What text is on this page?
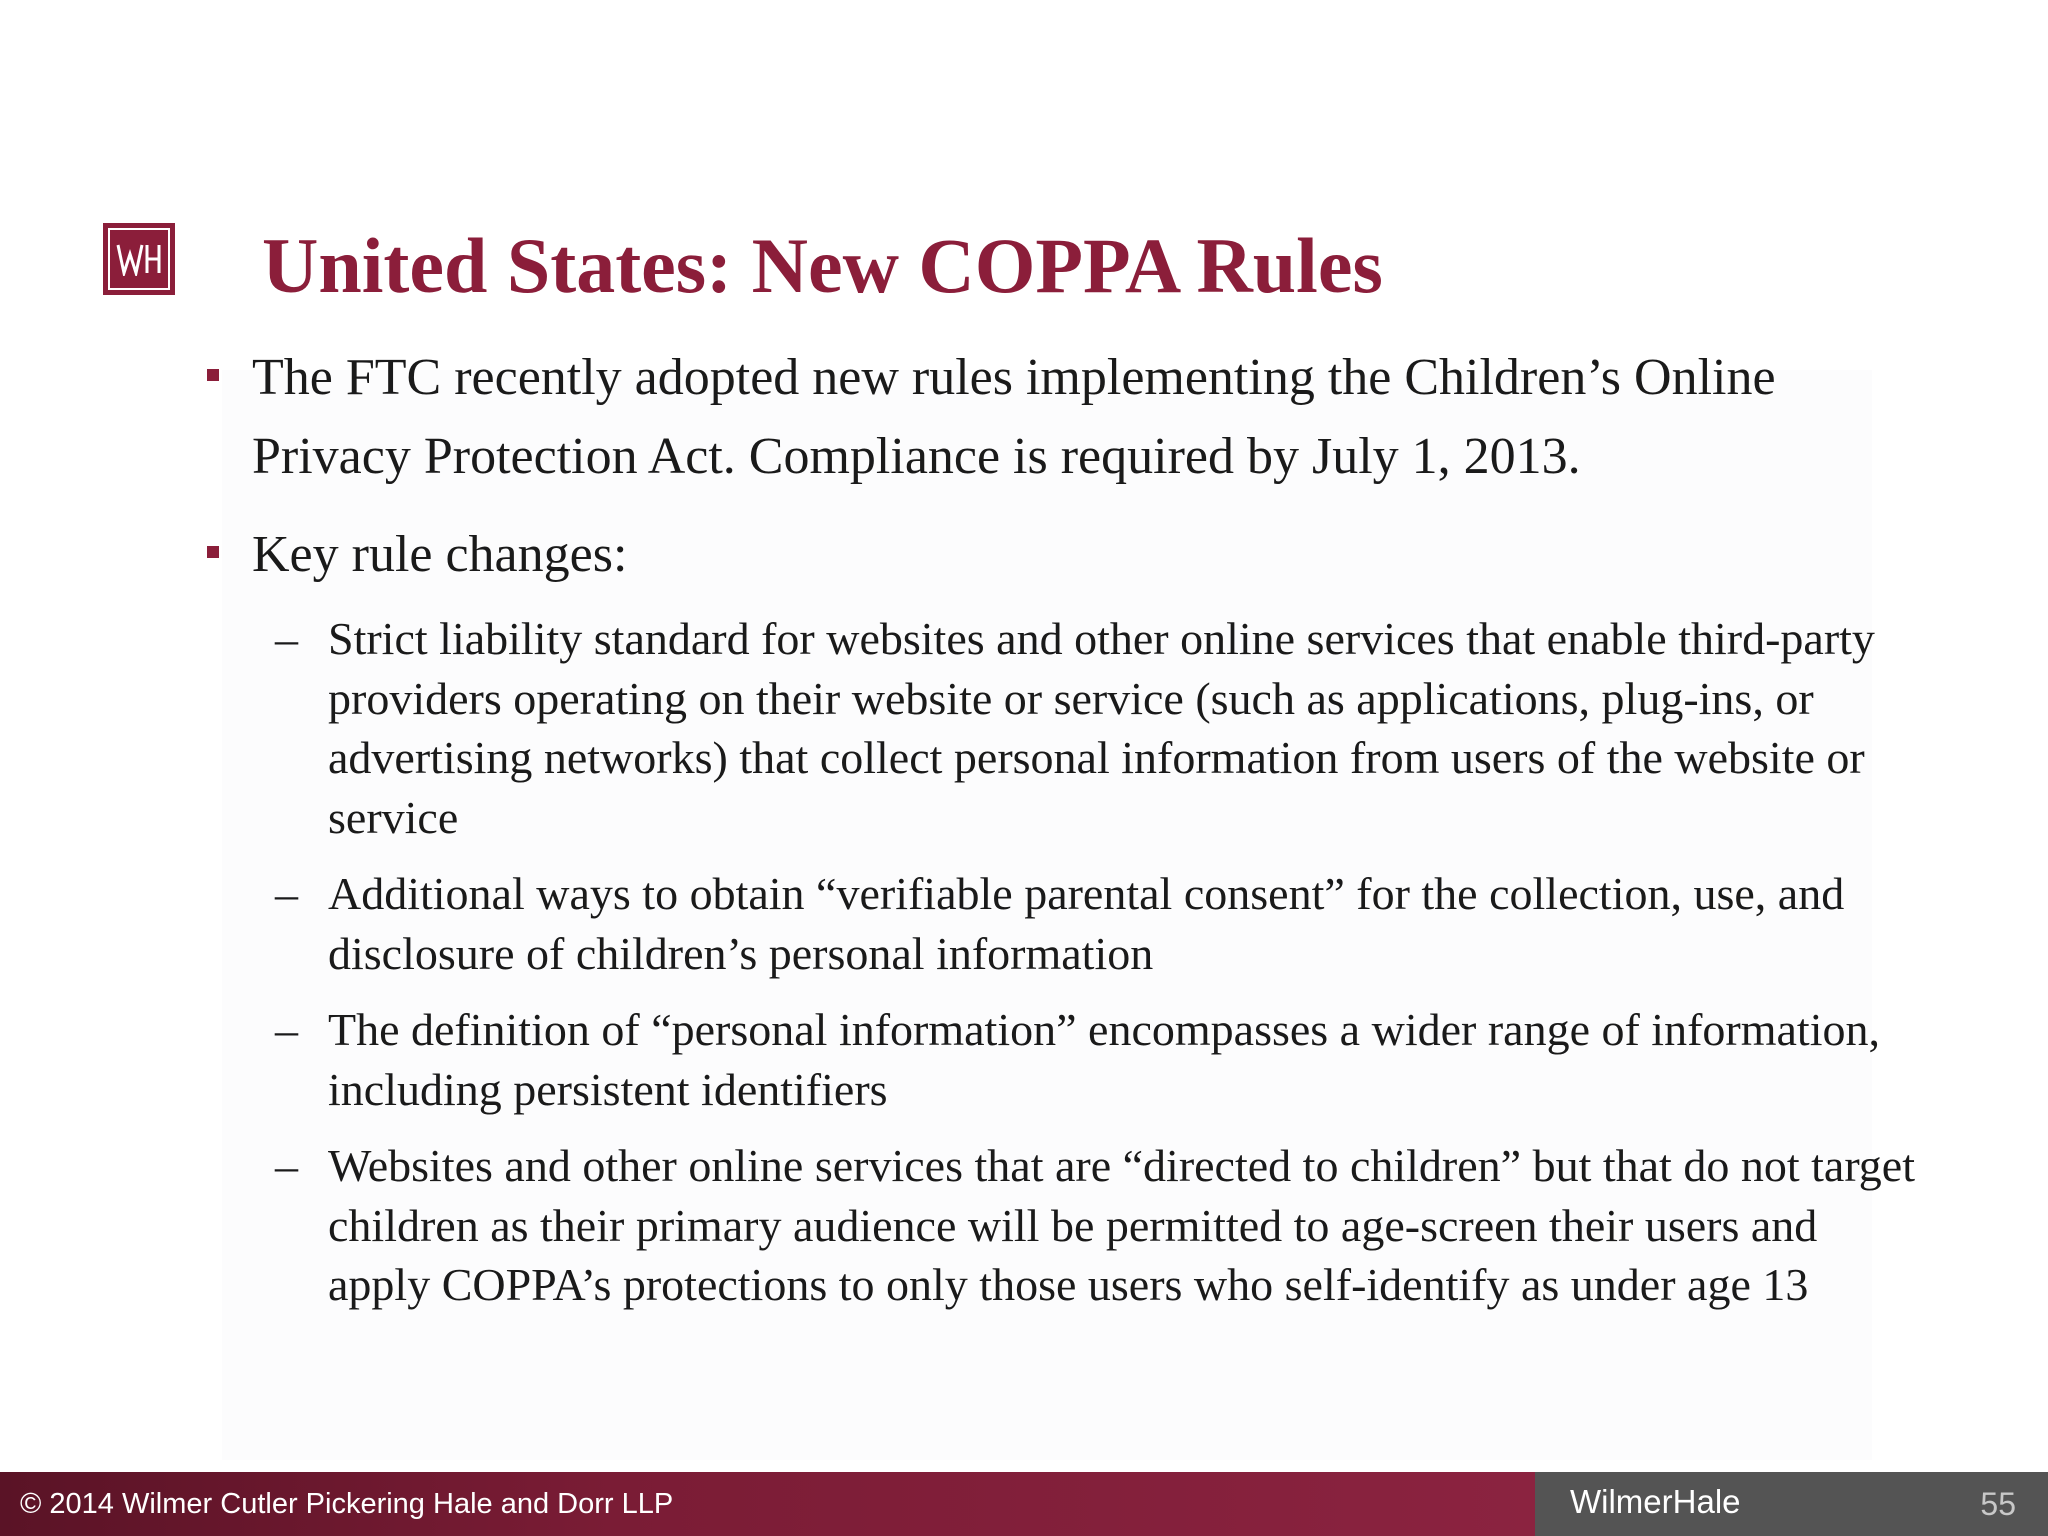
United States: New COPPA Rules
The FTC recently adopted new rules implementing the Children’s Online Privacy Protection Act. Compliance is required by July 1, 2013.
Key rule changes:
– Strict liability standard for websites and other online services that enable third-party providers operating on their website or service (such as applications, plug-ins, or advertising networks) that collect personal information from users of the website or service
– Additional ways to obtain “verifiable parental consent” for the collection, use, and disclosure of children’s personal information
– The definition of “personal information” encompasses a wider range of information, including persistent identifiers
– Websites and other online services that are “directed to children” but that do not target children as their primary audience will be permitted to age-screen their users and apply COPPA’s protections to only those users who self-identify as under age 13
© 2014 Wilmer Cutler Pickering Hale and Dorr LLP	WilmerHale	55
